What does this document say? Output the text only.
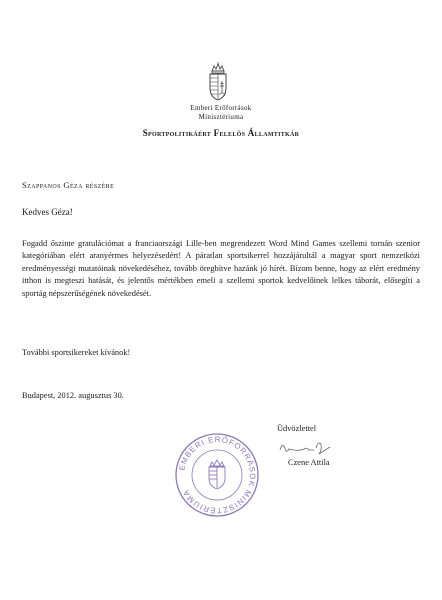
Emberi Erőforrások
Minisztériuma
Sportpolitikáért Felelős Államtitkár
Szappanos Géza részére
Kedves Géza!
Fogadd őszinte gratulációmat a franciaországi Lille-ben megrendezett Word Mind Games szellemi tornán szenior kategóriában elért aranyérmes helyezésedért! A páratlan sportsikerrel hozzájárultál a magyar sport nemzetközi eredményességi mutatóinak növekedéséhez, tovább öregbítve hazánk jó hírét. Bízom benne, hogy az elért eredmény itthon is megteszi hatását, és jelentős mértékben emeli a szellemi sportok kedvelőinek lelkes táborát, elősegíti a sportág népszerűségének növekedését.
További sportsikereket kívánok!
Budapest, 2012. augusztus 30.
Üdvözlettel
Czene Attila
EMBERI ERŐFORRÁSOK MINISZTÉRIUMA
